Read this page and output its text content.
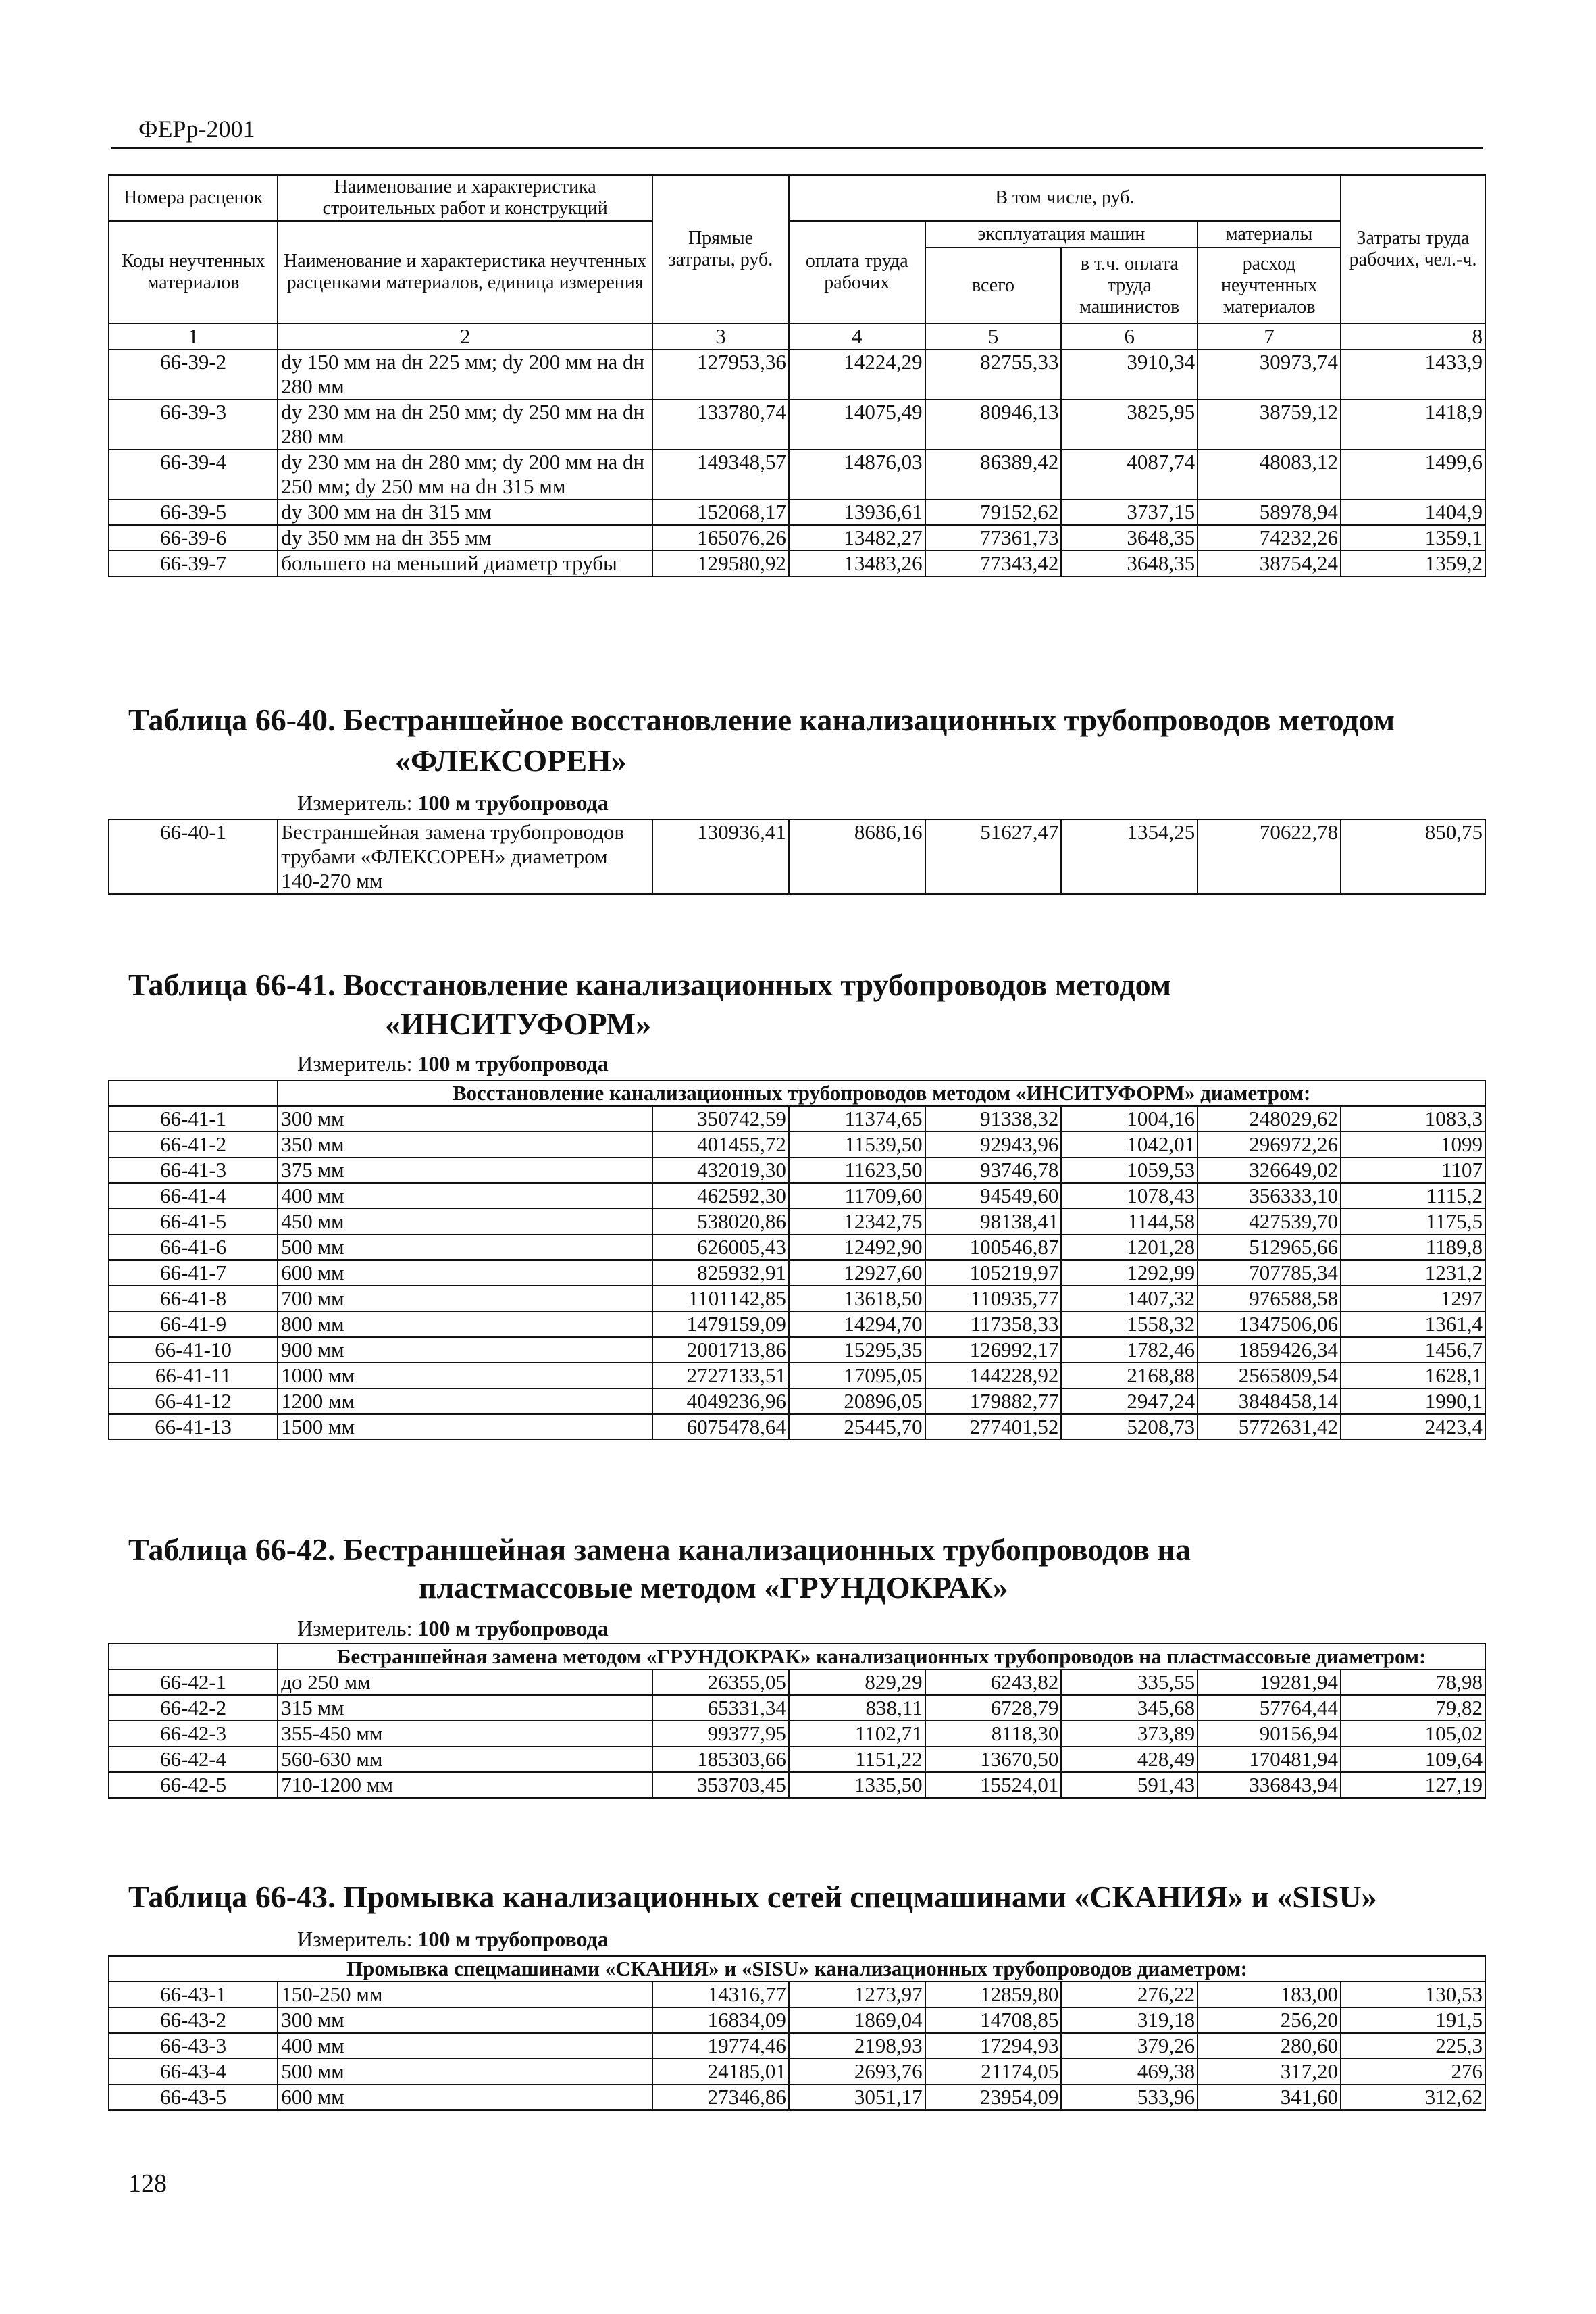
ФЕРр-2001
Номера расценок	Наименование и характеристика строительных работ и конструкций	Прямые затраты, руб.	В том числе, руб.				Затраты труда рабочих, чел.-ч.
Коды неучтенных материалов	Наименование и характеристика неучтенных расценками материалов, единица измерения		оплата труда рабочих	эксплуатация машин		материалы	
				всего	в т.ч. оплата труда машинистов	расход неучтенных материалов	
1	2	3	4	5	6	7	8
66-39-2	dу 150 мм на dн 225 мм; dу 200 мм на dн 280 мм	127953,36	14224,29	82755,33	3910,34	30973,74	1433,9
66-39-3	dу 230 мм на dн 250 мм; dу 250 мм на dн 280 мм	133780,74	14075,49	80946,13	3825,95	38759,12	1418,9
66-39-4	dу 230 мм на dн 280 мм; dу 200 мм на dн 250 мм; dу 250 мм на dн 315 мм	149348,57	14876,03	86389,42	4087,74	48083,12	1499,6
66-39-5	dу 300 мм на dн 315 мм	152068,17	13936,61	79152,62	3737,15	58978,94	1404,9
66-39-6	dу 350 мм на dн 355 мм	165076,26	13482,27	77361,73	3648,35	74232,26	1359,1
66-39-7	большего на меньший диаметр трубы	129580,92	13483,26	77343,42	3648,35	38754,24	1359,2
Таблица 66-40. Бестраншейное восстановление канализационных трубопроводов методом
«ФЛЕКСОРЕН»
Измеритель: 100 м трубопровода
66-40-1	Бестраншейная замена трубопроводов трубами «ФЛЕКСОРЕН» диаметром 140-270 мм	130936,41	8686,16	51627,47	1354,25	70622,78	850,75
Таблица 66-41. Восстановление канализационных трубопроводов методом
«ИНСИТУФОРМ»
Измеритель: 100 м трубопровода
	Восстановление канализационных трубопроводов методом «ИНСИТУФОРМ» диаметром:						
66-41-1	300 мм	350742,59	11374,65	91338,32	1004,16	248029,62	1083,3
66-41-2	350 мм	401455,72	11539,50	92943,96	1042,01	296972,26	1099
66-41-3	375 мм	432019,30	11623,50	93746,78	1059,53	326649,02	1107
66-41-4	400 мм	462592,30	11709,60	94549,60	1078,43	356333,10	1115,2
66-41-5	450 мм	538020,86	12342,75	98138,41	1144,58	427539,70	1175,5
66-41-6	500 мм	626005,43	12492,90	100546,87	1201,28	512965,66	1189,8
66-41-7	600 мм	825932,91	12927,60	105219,97	1292,99	707785,34	1231,2
66-41-8	700 мм	1101142,85	13618,50	110935,77	1407,32	976588,58	1297
66-41-9	800 мм	1479159,09	14294,70	117358,33	1558,32	1347506,06	1361,4
66-41-10	900 мм	2001713,86	15295,35	126992,17	1782,46	1859426,34	1456,7
66-41-11	1000 мм	2727133,51	17095,05	144228,92	2168,88	2565809,54	1628,1
66-41-12	1200 мм	4049236,96	20896,05	179882,77	2947,24	3848458,14	1990,1
66-41-13	1500 мм	6075478,64	25445,70	277401,52	5208,73	5772631,42	2423,4
Таблица 66-42. Бестраншейная замена канализационных трубопроводов на
пластмассовые методом «ГРУНДОКРАК»
Измеритель: 100 м трубопровода
	Бестраншейная замена методом «ГРУНДОКРАК» канализационных трубопроводов на пластмассовые диаметром:						
66-42-1	до 250 мм	26355,05	829,29	6243,82	335,55	19281,94	78,98
66-42-2	315 мм	65331,34	838,11	6728,79	345,68	57764,44	79,82
66-42-3	355-450 мм	99377,95	1102,71	8118,30	373,89	90156,94	105,02
66-42-4	560-630 мм	185303,66	1151,22	13670,50	428,49	170481,94	109,64
66-42-5	710-1200 мм	353703,45	1335,50	15524,01	591,43	336843,94	127,19
Таблица 66-43. Промывка канализационных сетей спецмашинами «СКАНИЯ» и «SISU»
Измеритель: 100 м трубопровода
Промывка спецмашинами «СКАНИЯ» и «SISU» канализационных трубопроводов диаметром:							
66-43-1	150-250 мм	14316,77	1273,97	12859,80	276,22	183,00	130,53
66-43-2	300 мм	16834,09	1869,04	14708,85	319,18	256,20	191,5
66-43-3	400 мм	19774,46	2198,93	17294,93	379,26	280,60	225,3
66-43-4	500 мм	24185,01	2693,76	21174,05	469,38	317,20	276
66-43-5	600 мм	27346,86	3051,17	23954,09	533,96	341,60	312,62
128
